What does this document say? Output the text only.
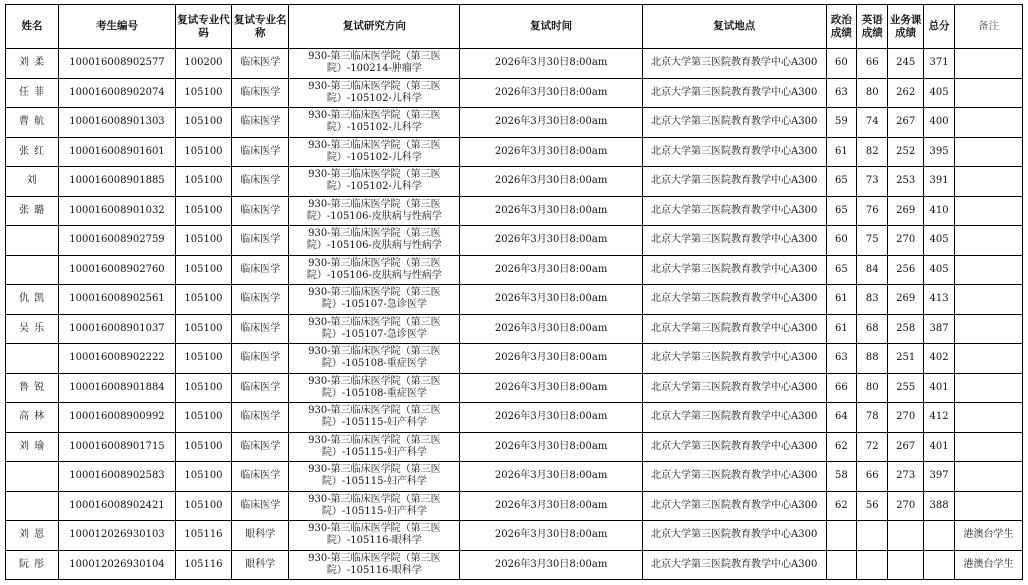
姓名	考生编号	复试专业代码	复试专业名称	复试研究方向	复试时间	复试地点	政治成绩	英语成绩	业务课成绩	总分	备注
刘 柔	100016008902577	100200	临床医学	930-第三临床医学院（第三医院）-100214-肿瘤学	2026年3月30日8:00am	北京大学第三医院教育教学中心A300	60	66	245	371	
任 菲	100016008902074	105100	临床医学	930-第三临床医学院（第三医院）-105102-儿科学	2026年3月30日8:00am	北京大学第三医院教育教学中心A300	63	80	262	405	
曹 航	100016008901303	105100	临床医学	930-第三临床医学院（第三医院）-105102-儿科学	2026年3月30日8:00am	北京大学第三医院教育教学中心A300	59	74	267	400	
张 红	100016008901601	105100	临床医学	930-第三临床医学院（第三医院）-105102-儿科学	2026年3月30日8:00am	北京大学第三医院教育教学中心A300	61	82	252	395	
刘	100016008901885	105100	临床医学	930-第三临床医学院（第三医院）-105102-儿科学	2026年3月30日8:00am	北京大学第三医院教育教学中心A300	65	73	253	391	
张 璐	100016008901032	105100	临床医学	930-第三临床医学院（第三医院）-105106-皮肤病与性病学	2026年3月30日8:00am	北京大学第三医院教育教学中心A300	65	76	269	410	
	100016008902759	105100	临床医学	930-第三临床医学院（第三医院）-105106-皮肤病与性病学	2026年3月30日8:00am	北京大学第三医院教育教学中心A300	60	75	270	405	
	100016008902760	105100	临床医学	930-第三临床医学院（第三医院）-105106-皮肤病与性病学	2026年3月30日8:00am	北京大学第三医院教育教学中心A300	65	84	256	405	
仇 凯	100016008902561	105100	临床医学	930-第三临床医学院（第三医院）-105107-急诊医学	2026年3月30日8:00am	北京大学第三医院教育教学中心A300	61	83	269	413	
吴 乐	100016008901037	105100	临床医学	930-第三临床医学院（第三医院）-105107-急诊医学	2026年3月30日8:00am	北京大学第三医院教育教学中心A300	61	68	258	387	
	100016008902222	105100	临床医学	930-第三临床医学院（第三医院）-105108-重症医学	2026年3月30日8:00am	北京大学第三医院教育教学中心A300	63	88	251	402	
鲁 锐	100016008901884	105100	临床医学	930-第三临床医学院（第三医院）-105108-重症医学	2026年3月30日8:00am	北京大学第三医院教育教学中心A300	66	80	255	401	
高 林	100016008900992	105100	临床医学	930-第三临床医学院（第三医院）-105115-妇产科学	2026年3月30日8:00am	北京大学第三医院教育教学中心A300	64	78	270	412	
刘 瑜	100016008901715	105100	临床医学	930-第三临床医学院（第三医院）-105115-妇产科学	2026年3月30日8:00am	北京大学第三医院教育教学中心A300	62	72	267	401	
	100016008902583	105100	临床医学	930-第三临床医学院（第三医院）-105115-妇产科学	2026年3月30日8:00am	北京大学第三医院教育教学中心A300	58	66	273	397	
	100016008902421	105100	临床医学	930-第三临床医学院（第三医院）-105115-妇产科学	2026年3月30日8:00am	北京大学第三医院教育教学中心A300	62	56	270	388	
刘 恩	100012026930103	105116	眼科学	930-第三临床医学院（第三医院）-105116-眼科学	2026年3月30日8:00am	北京大学第三医院教育教学中心A300					港澳台学生
阮 彤	100012026930104	105116	眼科学	930-第三临床医学院（第三医院）-105116-眼科学	2026年3月30日8:00am	北京大学第三医院教育教学中心A300					港澳台学生
